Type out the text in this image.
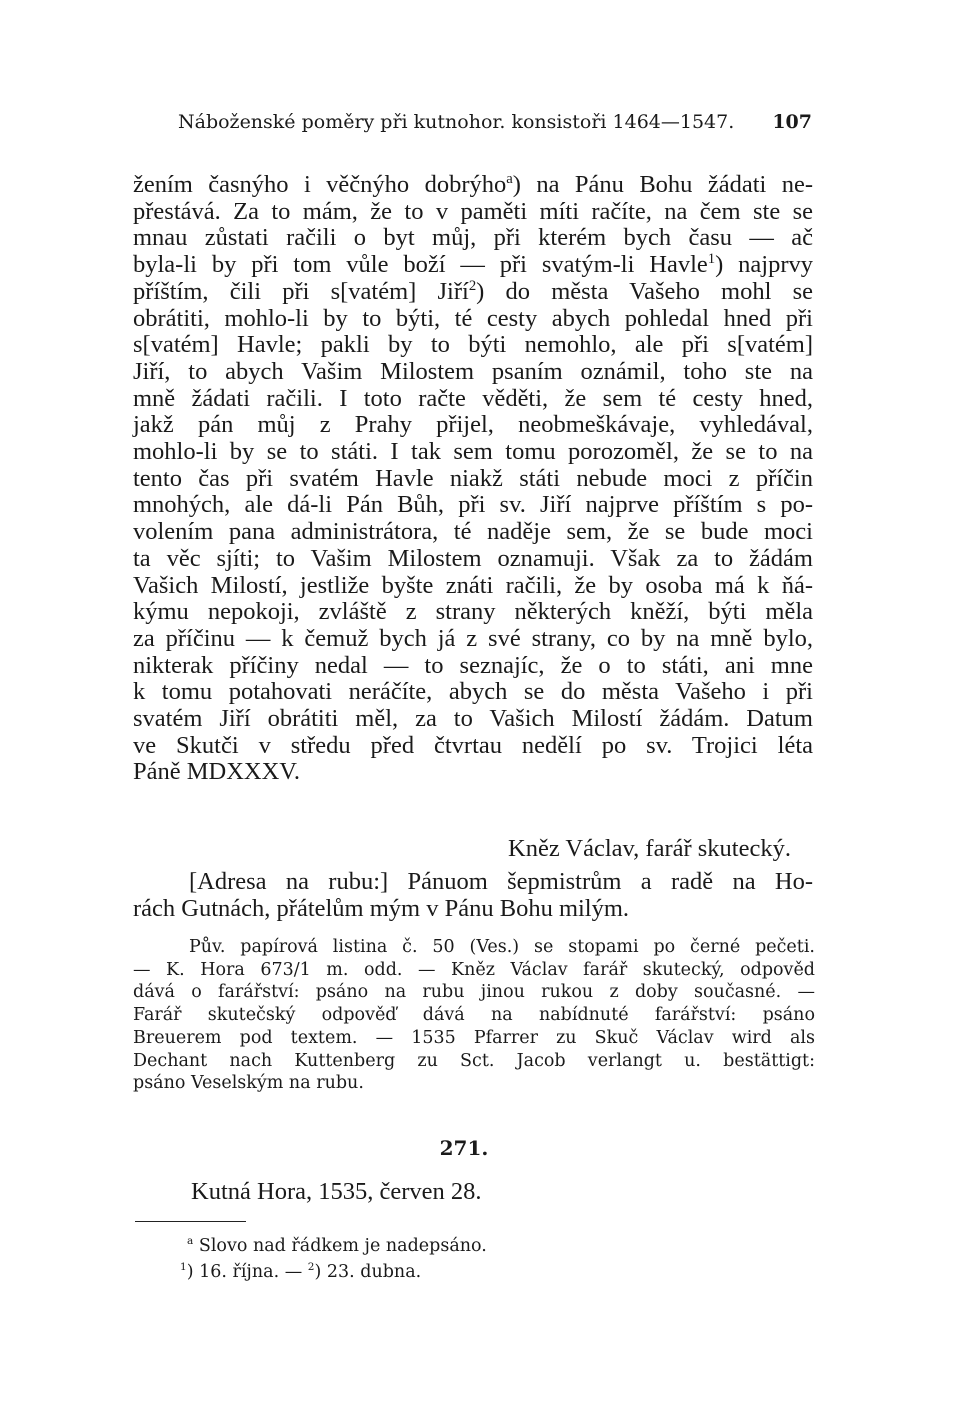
Náboženské poměry při kutnohor. konsistoři 1464—1547. 107
žením časnýho i věčnýho dobrýho$^a$) na Pánu Bohu žádati ne-
přestává. Za to mám, že to v paměti míti račíte, na čem ste se
mnau zůstati račili o byt můj, při kterém bych času — ač
byla-li by při tom vůle boží — při svatým-li Havle$^1$) najprvy
příštím, čili při s[vatém] Jiří$^2$) do města Vašeho mohl se
obrátiti, mohlo-li by to býti, té cesty abych pohledal hned při
s[vatém] Havle; pakli by to býti nemohlo, ale při s[vatém]
Jiří, to abych Vašim Milostem psaním oznámil, toho ste na
mně žádati račili. I toto račte věděti, že sem té cesty hned,
jakž pán můj z Prahy přijel, neobmeškávaje, vyhledával,
mohlo-li by se to státi. I tak sem tomu porozoměl, že se to na
tento čas při svatém Havle niakž státi nebude moci z příčin
mnohých, ale dá-li Pán Bůh, při sv. Jiří najprve příštím s po-
volením pana administrátora, té naděje sem, že se bude moci
ta věc sjíti; to Vašim Milostem oznamuji. Však za to žádám
Vašich Milostí, jestliže byšte znáti račili, že by osoba má k ňá-
kýmu nepokoji, zvláště z strany některých kněží, býti měla
za příčinu — k čemuž bych já z své strany, co by na mně bylo,
nikterak příčiny nedal — to seznajíc, že o to státi, ani mne
k tomu potahovati neráčíte, abych se do města Vašeho i při
svatém Jiří obrátiti měl, za to Vašich Milostí žádám. Datum
ve Skutči v středu před čtvrtau nedělí po sv. Trojici léta
Páně MDXXXV.
Kněz Václav, farář skutecký.
[Adresa na rubu:] Pánuom šepmistrům a radě na Ho-
rách Gutnách, přátelům mým v Pánu Bohu milým.
Pův. papírová listina č. 50 (Ves.) se stopami po černé pečeti.
— K. Hora 673/1 m. odd. — Kněz Václav farář skutecký, odpověd
dává o farářství: psáno na rubu jinou rukou z doby současné. —
Farář skutečský odpověď dává na nabídnuté farářství: psáno
Breuerem pod textem. — 1535 Pfarrer zu Skuč Václav wird als
Dechant nach Kuttenberg zu Sct. Jacob verlangt u. bestättigt:
psáno Veselským na rubu.
271.
Kutná Hora, 1535, červen 28.
$^a$ Slovo nad řádkem je nadepsáno.
$^1$) 16. října. — $^2$) 23. dubna.
